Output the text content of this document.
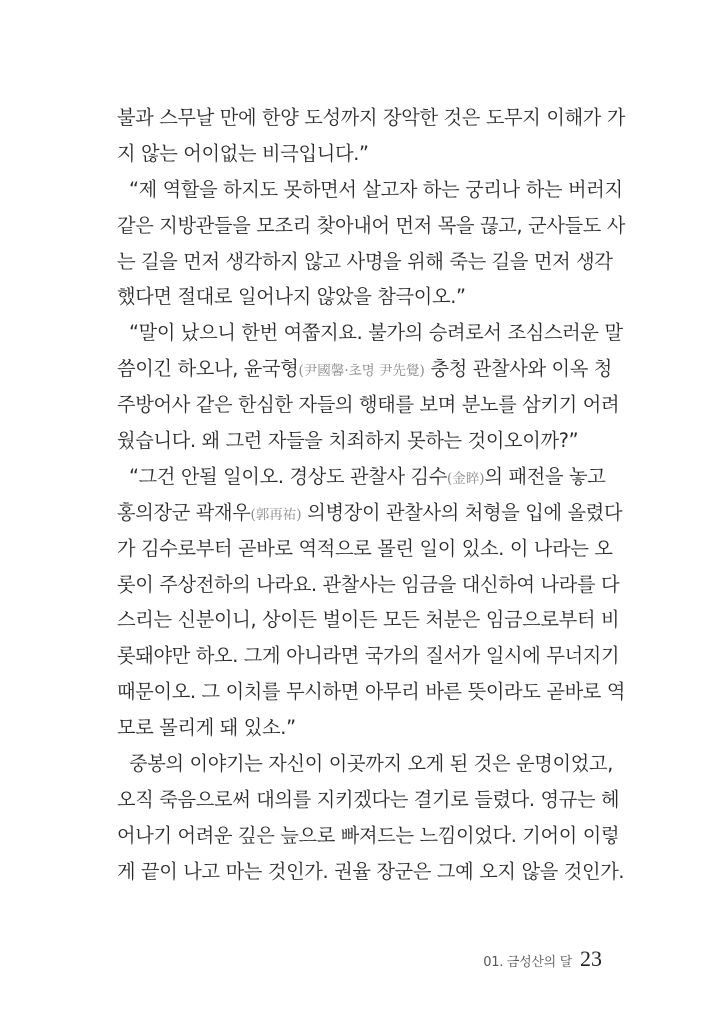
불과 스무날 만에 한양 도성까지 장악한 것은 도무지 이해가 가
지 않는 어이없는 비극입니다.”
“제 역할을 하지도 못하면서 살고자 하는 궁리나 하는 버러지
같은 지방관들을 모조리 찾아내어 먼저 목을 끊고, 군사들도 사
는 길을 먼저 생각하지 않고 사명을 위해 죽는 길을 먼저 생각
했다면 절대로 일어나지 않았을 참극이오.”
“말이 났으니 한번 여쭙지요. 불가의 승려로서 조심스러운 말
씀이긴 하오나, 윤국형(尹國馨·초명 尹先覺) 충청 관찰사와 이옥 청
주방어사 같은 한심한 자들의 행태를 보며 분노를 삼키기 어려
웠습니다. 왜 그런 자들을 치죄하지 못하는 것이오이까?”
“그건 안될 일이오. 경상도 관찰사 김수(金睟)의 패전을 놓고
홍의장군 곽재우(郭再祐) 의병장이 관찰사의 처형을 입에 올렸다
가 김수로부터 곧바로 역적으로 몰린 일이 있소. 이 나라는 오
롯이 주상전하의 나라요. 관찰사는 임금을 대신하여 나라를 다
스리는 신분이니, 상이든 벌이든 모든 처분은 임금으로부터 비
롯돼야만 하오. 그게 아니라면 국가의 질서가 일시에 무너지기
때문이오. 그 이치를 무시하면 아무리 바른 뜻이라도 곧바로 역
모로 몰리게 돼 있소.”
중봉의 이야기는 자신이 이곳까지 오게 된 것은 운명이었고,
오직 죽음으로써 대의를 지키겠다는 결기로 들렸다. 영규는 헤
어나기 어려운 깊은 늪으로 빠져드는 느낌이었다. 기어이 이렇
게 끝이 나고 마는 것인가. 권율 장군은 그예 오지 않을 것인가.
01. 금성산의 달 23
